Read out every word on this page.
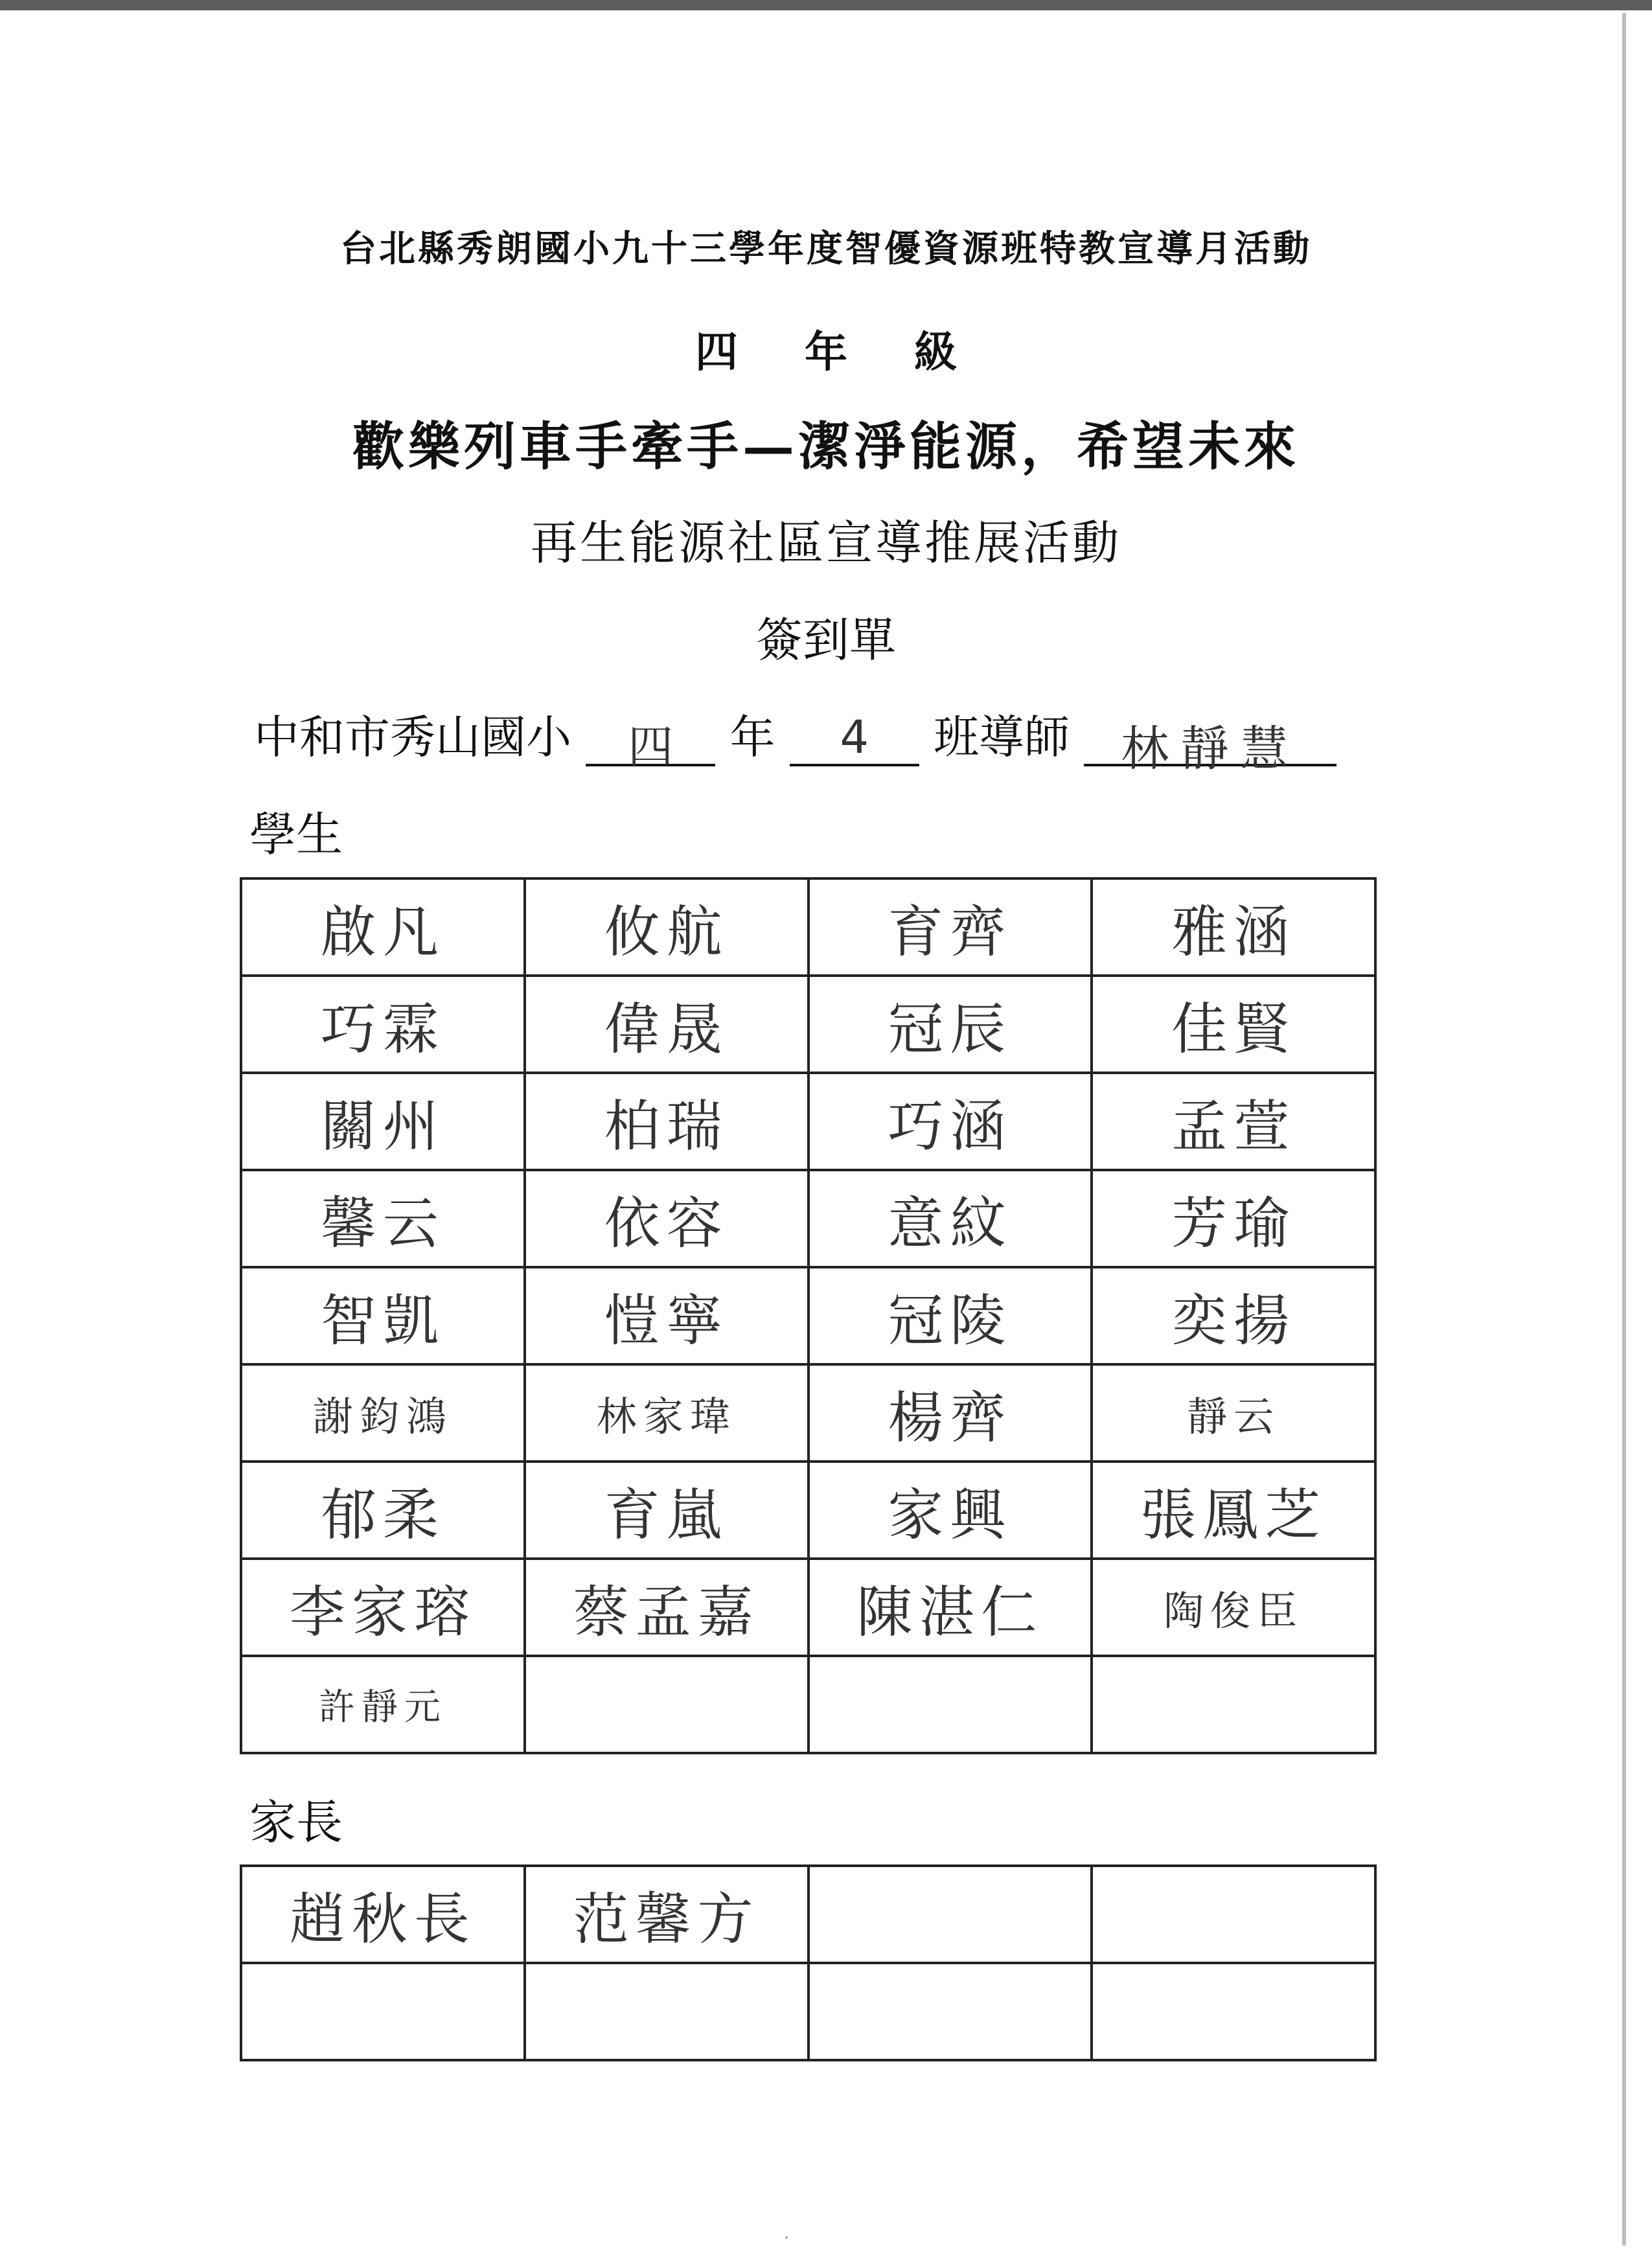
台北縣秀朗國小九十三學年度智優資源班特教宣導月活動
四 年 級
歡樂列車手牽手—潔淨能源，希望未來
再生能源社區宣導推展活動
簽到單
中和市秀山國小 四 年 4 班導師 林靜慧
學生
啟凡	攸航	育齊	雅涵
巧霖	偉晟	冠辰	佳賢
關州	柏瑞	巧涵	孟萱
馨云	依容	意紋	芳瑜
智凱	愷寧	冠陵	奕揚
謝鈞鴻	林家瑋	楊齊	靜云
郁柔	育嵐	家興	張鳳芝
李家瑢	蔡孟嘉	陳湛仁	陶俊臣
許靜元			
家長
趙秋長	范馨方		

·
